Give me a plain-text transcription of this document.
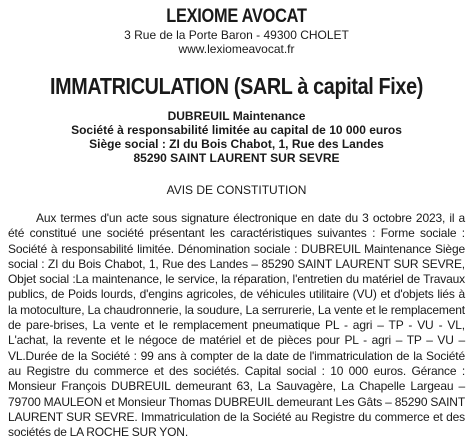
LEXIOME AVOCAT

3 Rue de la Porte Baron - 49300 CHOLET

www.lexiomeavocat.fr

IMMATRICULATION (SARL à capital Fixe)
DUBREUIL Maintenance
Société à responsabilité limitée au capital de 10 000 euros
Siège social : ZI du Bois Chabot, 1, Rue des Landes
85290 SAINT LAURENT SUR SEVRE
AVIS DE CONSTITUTION

Aux termes d'un acte sous signature électronique en date du 3 octobre 2023, il a été constitué une société présentant les caractéristiques suivantes : Forme sociale : Société à responsabilité limitée. Dénomination sociale : DUBREUIL Maintenance Siège social : ZI du Bois Chabot, 1, Rue des Landes – 85290 SAINT LAURENT SUR SEVRE, Objet social :La maintenance, le service, la réparation, l'entretien du matériel de Travaux publics, de Poids lourds, d'engins agricoles, de véhicules utilitaire (VU) et d'objets liés à la motoculture, La chaudronnerie, la soudure, La serrurerie, La vente et le remplacement de pare-brises, La vente et le remplacement pneumatique PL - agri – TP - VU - VL, L'achat, la revente et le négoce de matériel et de pièces pour PL - agri – TP – VU – VL.Durée de la Société : 99 ans à compter de la date de l'immatriculation de la Société au Registre du commerce et des sociétés. Capital social : 10 000 euros. Gérance : Monsieur François DUBREUIL demeurant 63, La Sauvagère, La Chapelle Largeau – 79700 MAULEON et Monsieur Thomas DUBREUIL demeurant Les Gâts – 85290 SAINT LAURENT SUR SEVRE. Immatriculation de la Société au Registre du commerce et des sociétés de LA ROCHE SUR YON.
